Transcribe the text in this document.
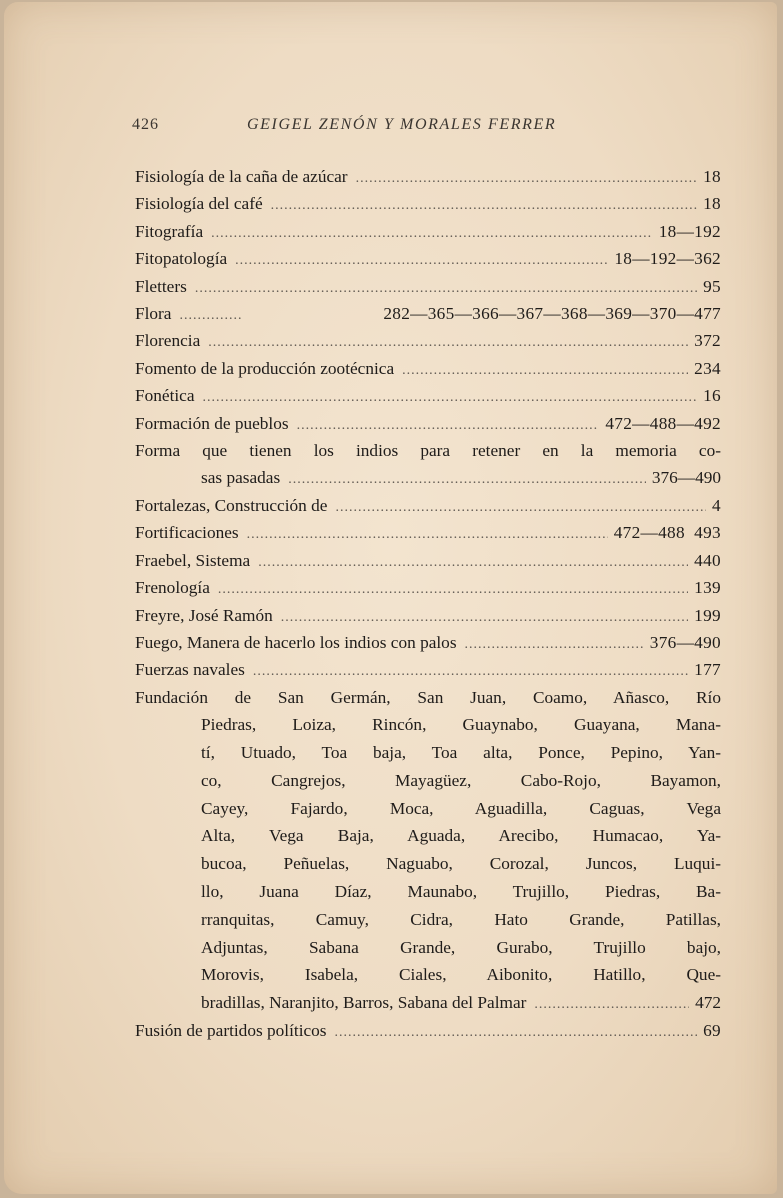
426	GEIGEL ZENÓN Y MORALES FERRER
Fisiología de la caña de azúcar .....	18
Fisiología del café .....	18
Fitografía .....	18—192
Fitopatología .....	18—192—362
Fletters .....	95
Flora .....	282—365—366—367—368—369—370—477
Florencia .....	372
Fomento de la producción zootécnica .....	234
Fonética .....	16
Formación de pueblos .....	472—488—492
Forma que tienen los indios para retener en la memoria co-
sas pasadas .....	376—490
Fortalezas, Construcción de .....	4
Fortificaciones .....	472—488  493
Fraebel, Sistema .....	440
Frenología .....	139
Freyre, José Ramón .....	199
Fuego, Manera de hacerlo los indios con palos .....	376—490
Fuerzas navales .....	177
Fundación de San Germán, San Juan, Coamo, Añasco, Río
Piedras, Loiza, Rincón, Guaynabo, Guayana, Mana-
tí, Utuado, Toa baja, Toa alta, Ponce, Pepino, Yan-
co, Cangrejos, Mayagüez, Cabo-Rojo, Bayamon,
Cayey, Fajardo, Moca, Aguadilla, Caguas, Vega
Alta, Vega Baja, Aguada, Arecibo, Humacao, Ya-
bucoa, Peñuelas, Naguabo, Corozal, Juncos, Luqui-
llo, Juana Díaz, Maunabo, Trujillo, Piedras, Ba-
rranquitas, Camuy, Cidra, Hato Grande, Patillas,
Adjuntas, Sabana Grande, Gurabo, Trujillo bajo,
Morovis, Isabela, Ciales, Aibonito, Hatillo, Que-
bradillas, Naranjito, Barros, Sabana del Palmar .....	472
Fusión de partidos políticos .....	69
